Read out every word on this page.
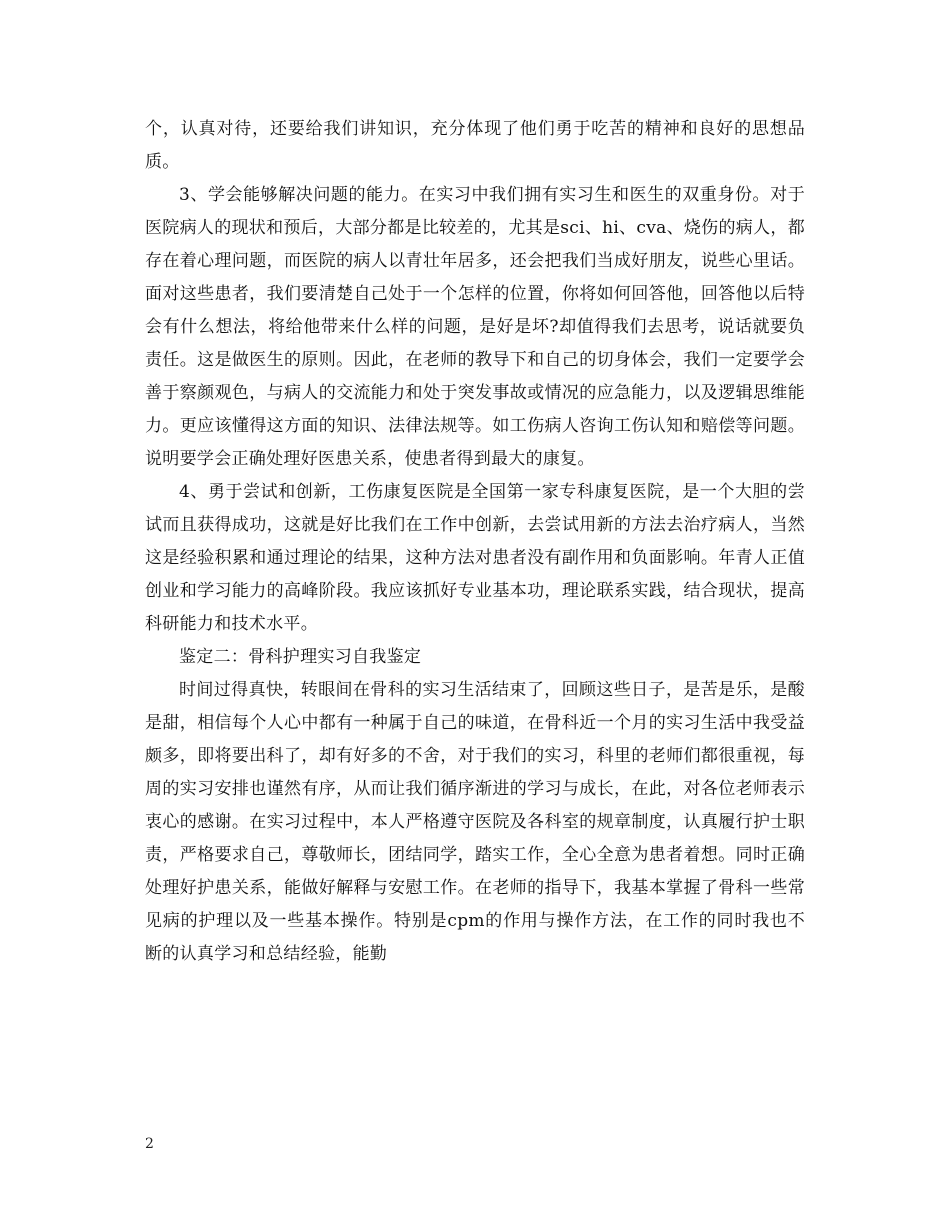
个，认真对待，还要给我们讲知识，充分体现了他们勇于吃苦的精神和良好的思想品质。

3、学会能够解决问题的能力。在实习中我们拥有实习生和医生的双重身份。对于医院病人的现状和预后，大部分都是比较差的，尤其是sci、hi、cva、烧伤的病人，都存在着心理问题，而医院的病人以青壮年居多，还会把我们当成好朋友，说些心里话。面对这些患者，我们要清楚自己处于一个怎样的位置，你将如何回答他，回答他以后特会有什么想法，将给他带来什么样的问题，是好是坏?却值得我们去思考，说话就要负责任。这是做医生的原则。因此，在老师的教导下和自己的切身体会，我们一定要学会善于察颜观色，与病人的交流能力和处于突发事故或情况的应急能力，以及逻辑思维能力。更应该懂得这方面的知识、法律法规等。如工伤病人咨询工伤认知和赔偿等问题。说明要学会正确处理好医患关系，使患者得到最大的康复。

4、勇于尝试和创新，工伤康复医院是全国第一家专科康复医院，是一个大胆的尝试而且获得成功，这就是好比我们在工作中创新，去尝试用新的方法去治疗病人，当然这是经验积累和通过理论的结果，这种方法对患者没有副作用和负面影响。年青人正值创业和学习能力的高峰阶段。我应该抓好专业基本功，理论联系实践，结合现状，提高科研能力和技术水平。

鉴定二：骨科护理实习自我鉴定

时间过得真快，转眼间在骨科的实习生活结束了，回顾这些日子，是苦是乐，是酸是甜，相信每个人心中都有一种属于自己的味道，在骨科近一个月的实习生活中我受益颇多，即将要出科了，却有好多的不舍，对于我们的实习，科里的老师们都很重视，每周的实习安排也谨然有序，从而让我们循序渐进的学习与成长，在此，对各位老师表示衷心的感谢。在实习过程中，本人严格遵守医院及各科室的规章制度，认真履行护士职责，严格要求自己，尊敬师长，团结同学，踏实工作，全心全意为患者着想。同时正确处理好护患关系，能做好解释与安慰工作。在老师的指导下，我基本掌握了骨科一些常见病的护理以及一些基本操作。特别是cpm的作用与操作方法，在工作的同时我也不断的认真学习和总结经验，能勤

2
